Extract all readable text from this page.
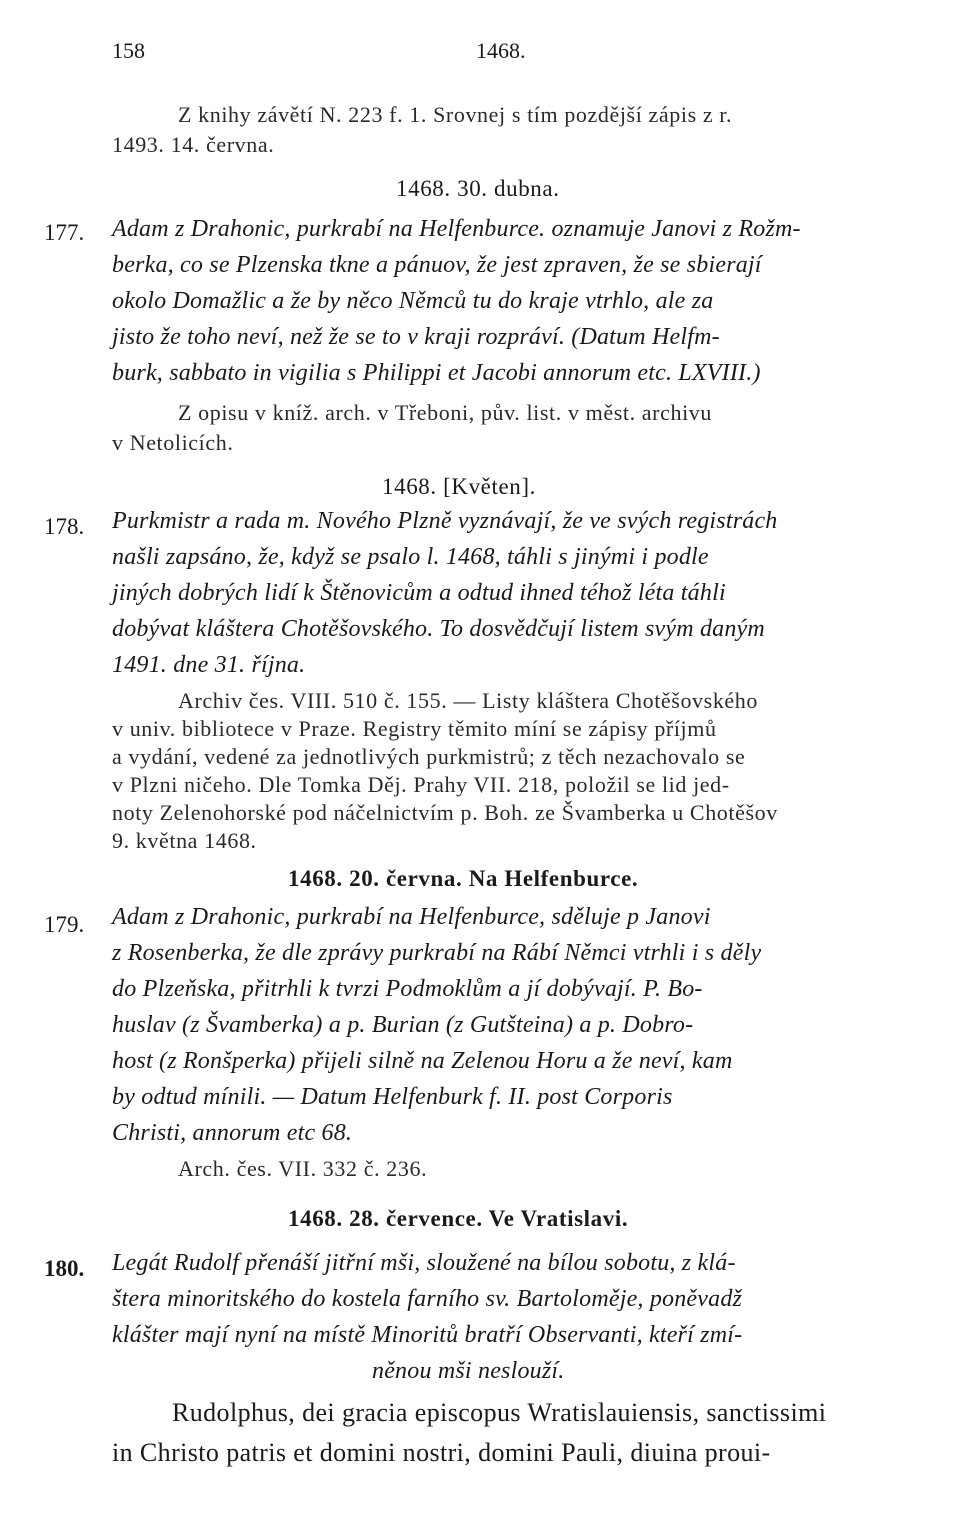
158	1468.
Z knihy závětí N. 223 f. 1. Srovnej s tím pozdější zápis z r.
1493. 14. června.
1468. 30. dubna.
177. Adam z Drahonic, purkrabí na Helfenburce. oznamuje Janovi z Rožm-
berka, co se Plzenska tkne a pánuov, že jest zpraven, že se sbierají
okolo Domažlic a že by něco Němců tu do kraje vtrhlo, ale za
jisto že toho neví, než že se to v kraji rozpráví. (Datum Helfm-
burk, sabbato in vigilia s Philippi et Jacobi annorum etc. LXVIII.)
Z opisu v kníž. arch. v Třeboni, pův. list. v měst. archivu
v Netolicích.
1468. [Květen].
178. Purkmistr a rada m. Nového Plzně vyznávají, že ve svých registrách
našli zapsáno, že, když se psalo l. 1468, táhli s jinými i podle
jiných dobrých lidí k Štěnovicům a odtud ihned téhož léta táhli
dobývat kláštera Chotěšovského. To dosvědčují listem svým daným
1491. dne 31. října.
Archiv čes. VIII. 510 č. 155. — Listy kláštera Chotěšovského
v univ. bibliotece v Praze. Registry těmito míní se zápisy příjmů
a vydání, vedené za jednotlivých purkmistrů; z těch nezachovalo se
v Plzni ničeho. Dle Tomka Děj. Prahy VII. 218, položil se lid jed-
noty Zelenohorské pod náčelnictvím p. Boh. ze Švamberka u Chotěšov
9. května 1468.
1468. 20. června. Na Helfenburce.
179. Adam z Drahonic, purkrabí na Helfenburce, sděluje p Janovi
z Rosenberka, že dle zprávy purkrabí na Rábí Němci vtrhli i s děly
do Plzeňska, přitrhli k tvrzi Podmoklům a jí dobývají. P. Bo-
huslav (z Švamberka) a p. Burian (z Gutšteina) a p. Dobro-
host (z Ronšperka) přijeli silně na Zelenou Horu a že neví, kam
by odtud mínili. — Datum Helfenburk f. II. post Corporis
Christi, annorum etc 68.
Arch. čes. VII. 332 č. 236.
1468. 28. července. Ve Vratislavi.
180. Legát Rudolf přenáší jitřní mši, sloužené na bílou sobotu, z klá-
štera minoritského do kostela farního sv. Bartoloměje, poněvadž
klášter mají nyní na místě Minoritů bratří Observanti, kteří zmí-
něnou mši neslouží.
Rudolphus, dei gracia episcopus Wratislauiensis, sanctissimi
in Christo patris et domini nostri, domini Pauli, diuina proui-
